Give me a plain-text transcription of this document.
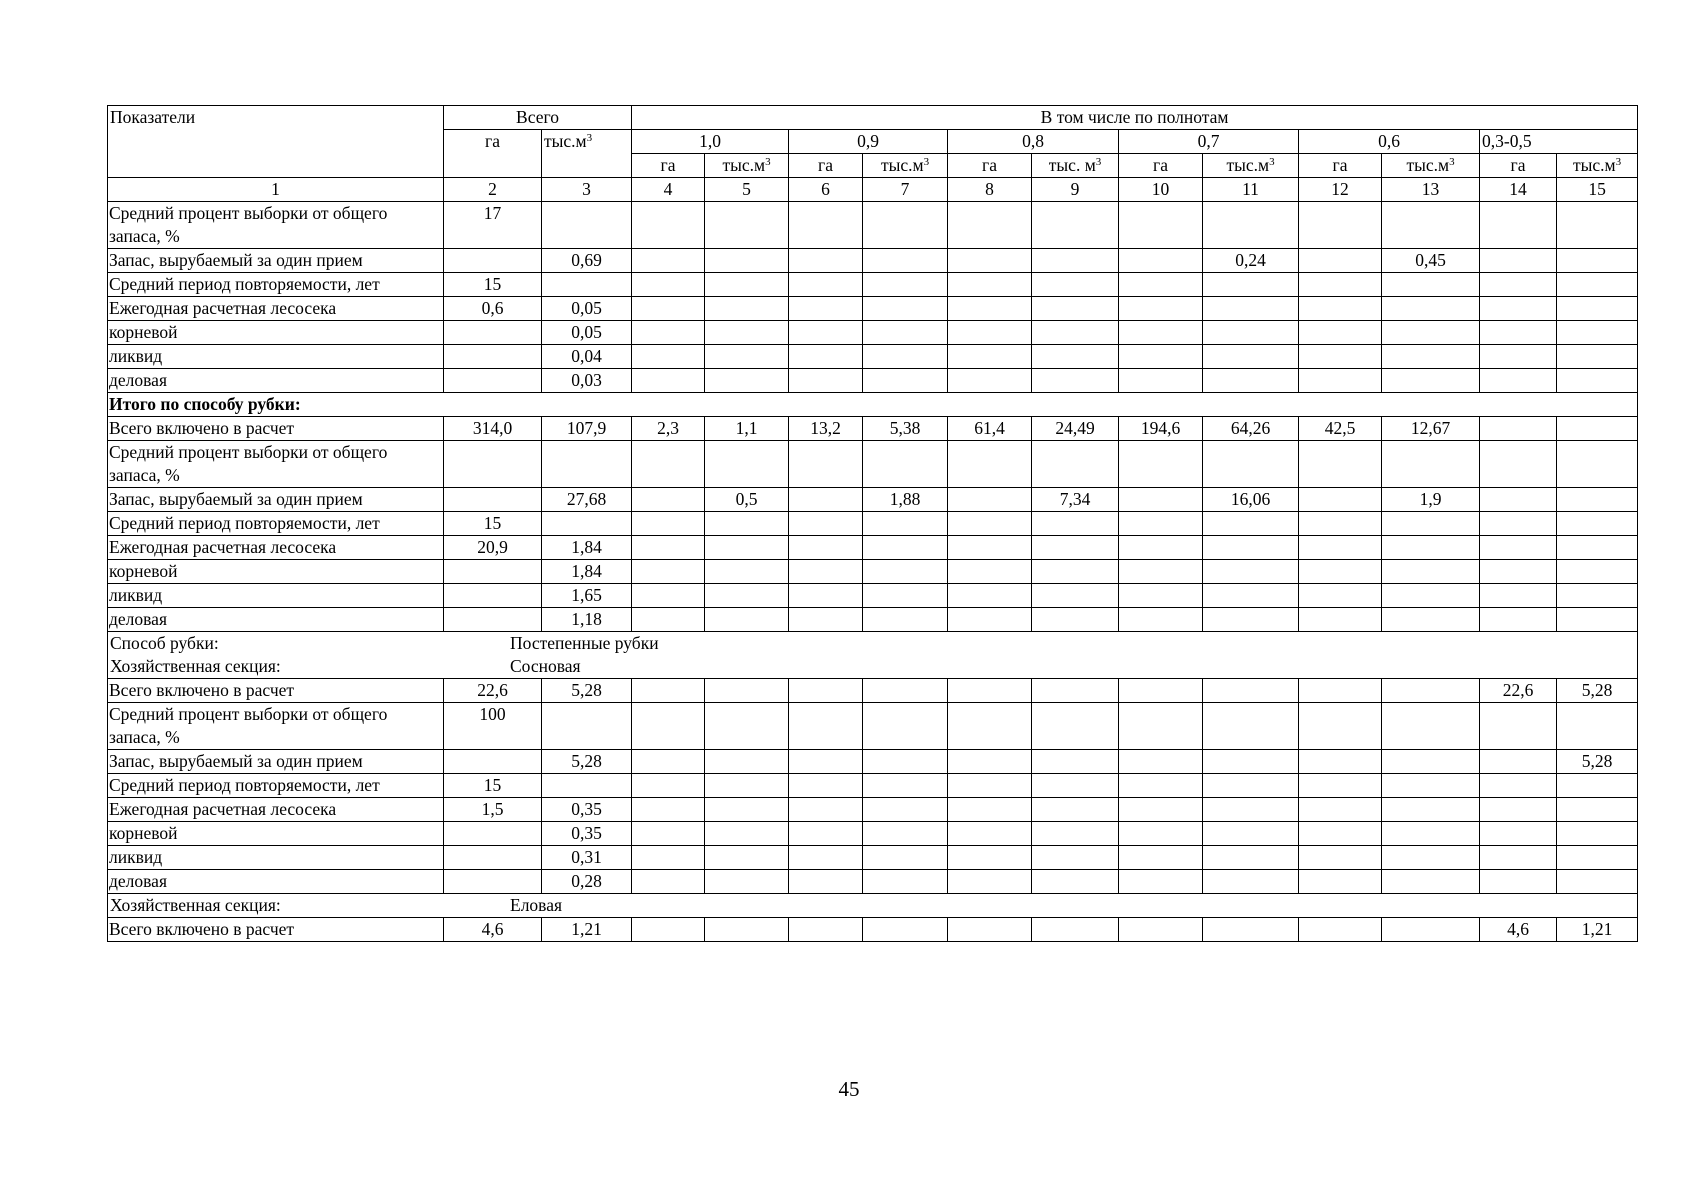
Показатели	Всего		В том числе по полнотам											
	га	$тыс.м^3$	1,0		0,9		0,8		0,7		0,6		0,3-0,5	
			га	$тыс.м^3$	га	$тыс.м^3$	га	тыс. $м^3$	га	$тыс.м^3$	га	$тыс.м^3$	га	$тыс.м^3$
1	2	3	4	5	6	7	8	9	10	11	12	13	14	15
Средний процент выборки от общего запаса, %	17													
Запас, вырубаемый за один прием		0,69								0,24		0,45		
Средний период повторяемости, лет	15													
Ежегодная расчетная лесосека	0,6	0,05												
корневой		0,05												
ликвид		0,04												
деловая		0,03												
Итого по способу рубки:														
Всего включено в расчет	314,0	107,9	2,3	1,1	13,2	5,38	61,4	24,49	194,6	64,26	42,5	12,67		
Средний процент выборки от общего запаса, %														
Запас, вырубаемый за один прием		27,68		0,5		1,88		7,34		16,06		1,9		
Средний период повторяемости, лет	15													
Ежегодная расчетная лесосека	20,9	1,84												
корневой		1,84												
ликвид		1,65												
деловая		1,18												

Способ рубки: Постепенные рубки
Хозяйственная секция: Сосновая														

Всего включено в расчет	22,6	5,28											22,6	5,28
Средний процент выборки от общего запаса, %	100													
Запас, вырубаемый за один прием		5,28												5,28
Средний период повторяемости, лет	15													
Ежегодная расчетная лесосека	1,5	0,35												
корневой		0,35												
ликвид		0,31												
деловая		0,28												

Хозяйственная секция: Еловая														

Всего включено в расчет	4,6	1,21											4,6	1,21
45
